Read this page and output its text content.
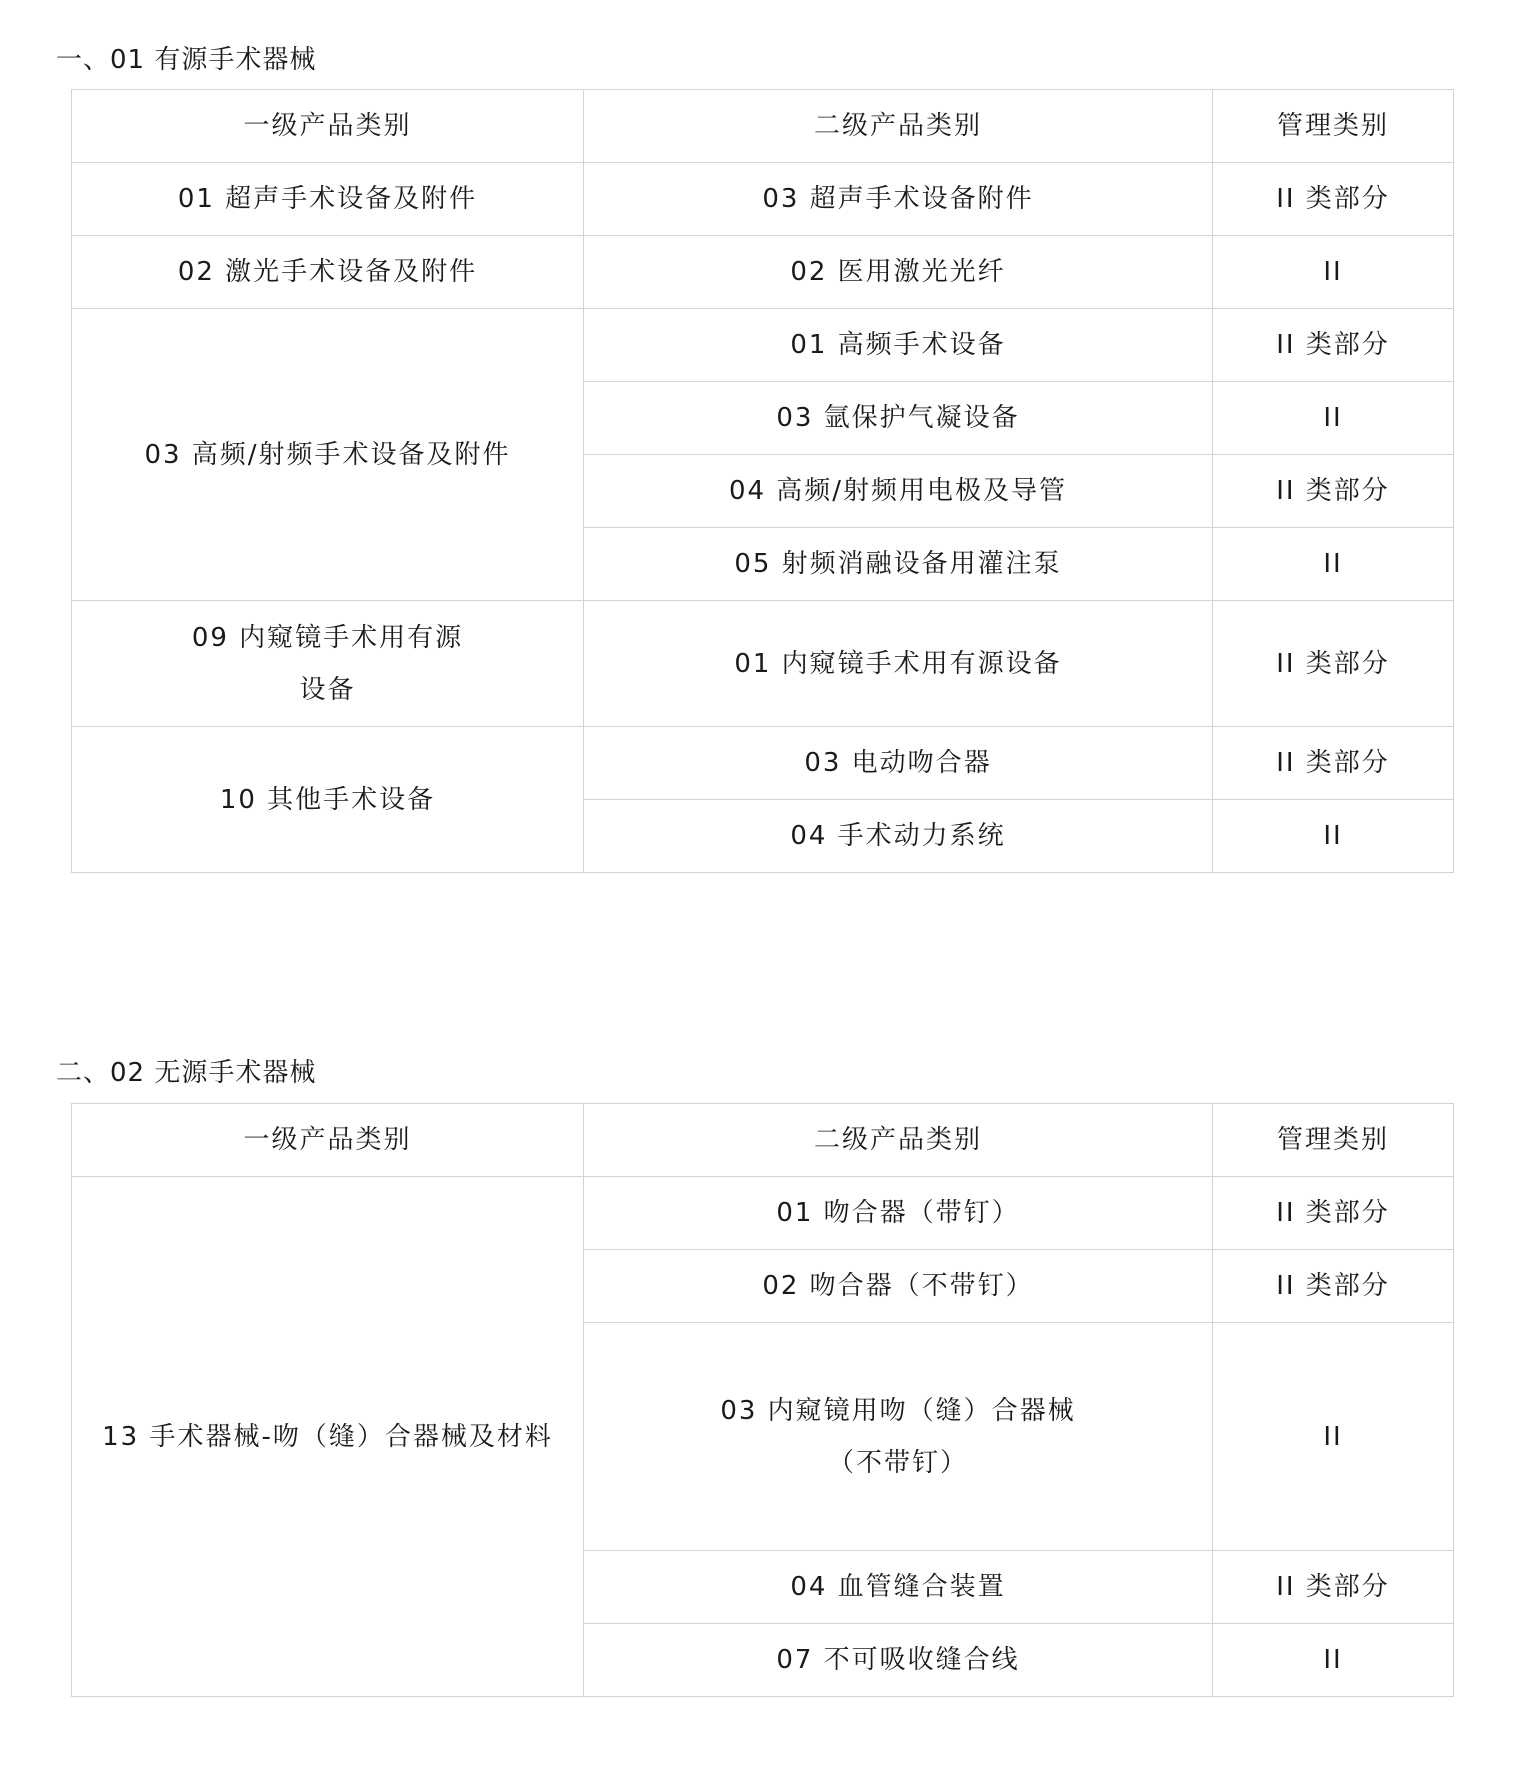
一、01 有源手术器械
一级产品类别	二级产品类别	管理类别
01 超声手术设备及附件	03 超声手术设备附件	II 类部分
02 激光手术设备及附件	02 医用激光光纤	II
03 高频/射频手术设备及附件	01 高频手术设备	II 类部分
	03 氩保护气凝设备	II
	04 高频/射频用电极及导管	II 类部分
	05 射频消融设备用灌注泵	II

09 内窥镜手术用有源
设备	01 内窥镜手术用有源设备	II 类部分
10 其他手术设备	03 电动吻合器	II 类部分
	04 手术动力系统	II
二、02 无源手术器械
一级产品类别	二级产品类别	管理类别
13 手术器械-吻（缝）合器械及材料	01 吻合器（带钉）	II 类部分
	02 吻合器（不带钉）	II 类部分

	03 内窥镜用吻（缝）合器械
（不带钉）	II
	04 血管缝合装置	II 类部分
	07 不可吸收缝合线	II
